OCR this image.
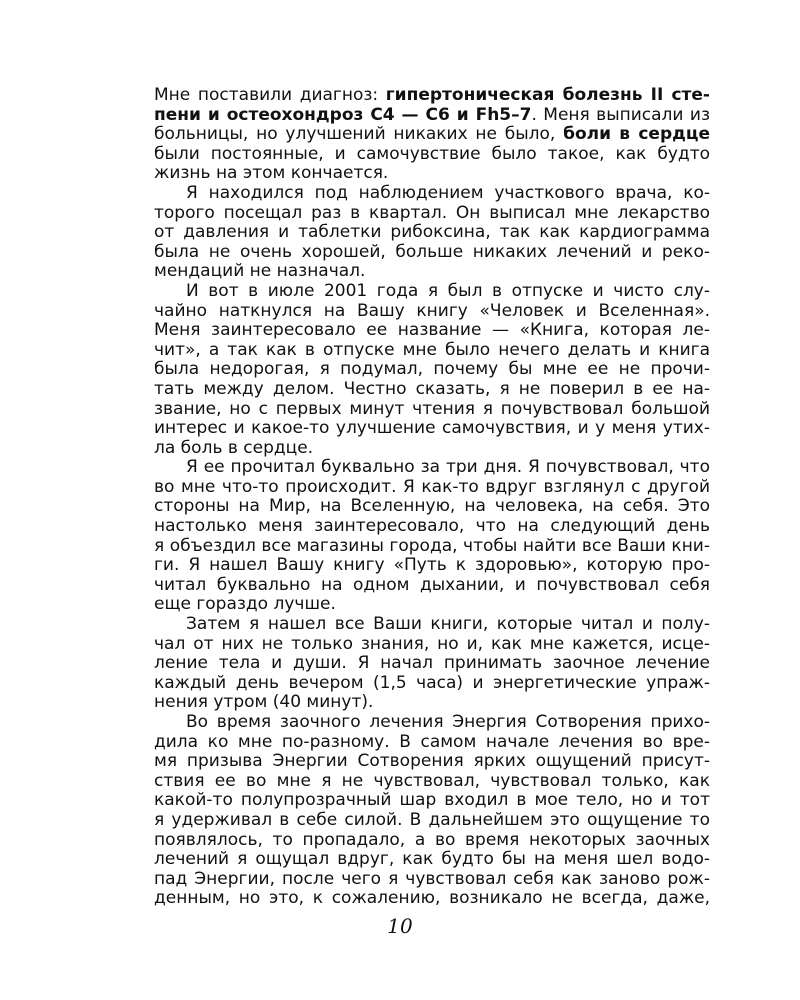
Мне поставили диагноз: гипертоническая болезнь II сте-
пени и остеохондроз С4 — С6 и Fh5–7. Меня выписали из
больницы, но улучшений никаких не было, боли в сердце
были постоянные, и самочувствие было такое, как будто
жизнь на этом кончается.
Я находился под наблюдением участкового врача, ко-
торого посещал раз в квартал. Он выписал мне лекарство
от давления и таблетки рибоксина, так как кардиограмма
была не очень хорошей, больше никаких лечений и реко-
мендаций не назначал.
И вот в июле 2001 года я был в отпуске и чисто слу-
чайно наткнулся на Вашу книгу «Человек и Вселенная».
Меня заинтересовало ее название — «Книга, которая ле-
чит», а так как в отпуске мне было нечего делать и книга
была недорогая, я подумал, почему бы мне ее не прочи-
тать между делом. Честно сказать, я не поверил в ее на-
звание, но с первых минут чтения я почувствовал большой
интерес и какое-то улучшение самочувствия, и у меня утих-
ла боль в сердце.
Я ее прочитал буквально за три дня. Я почувствовал, что
во мне что-то происходит. Я как-то вдруг взглянул с другой
стороны на Мир, на Вселенную, на человека, на себя. Это
настолько меня заинтересовало, что на следующий день
я объездил все магазины города, чтобы найти все Ваши кни-
ги. Я нашел Вашу книгу «Путь к здоровью», которую про-
читал буквально на одном дыхании, и почувствовал себя
еще гораздо лучше.
Затем я нашел все Ваши книги, которые читал и полу-
чал от них не только знания, но и, как мне кажется, исце-
ление тела и души. Я начал принимать заочное лечение
каждый день вечером (1,5 часа) и энергетические упраж-
нения утром (40 минут).
Во время заочного лечения Энергия Сотворения прихо-
дила ко мне по-разному. В самом начале лечения во вре-
мя призыва Энергии Сотворения ярких ощущений присут-
ствия ее во мне я не чувствовал, чувствовал только, как
какой-то полупрозрачный шар входил в мое тело, но и тот
я удерживал в себе силой. В дальнейшем это ощущение то
появлялось, то пропадало, а во время некоторых заочных
лечений я ощущал вдруг, как будто бы на меня шел водо-
пад Энергии, после чего я чувствовал себя как заново рож-
денным, но это, к сожалению, возникало не всегда, даже,
10
